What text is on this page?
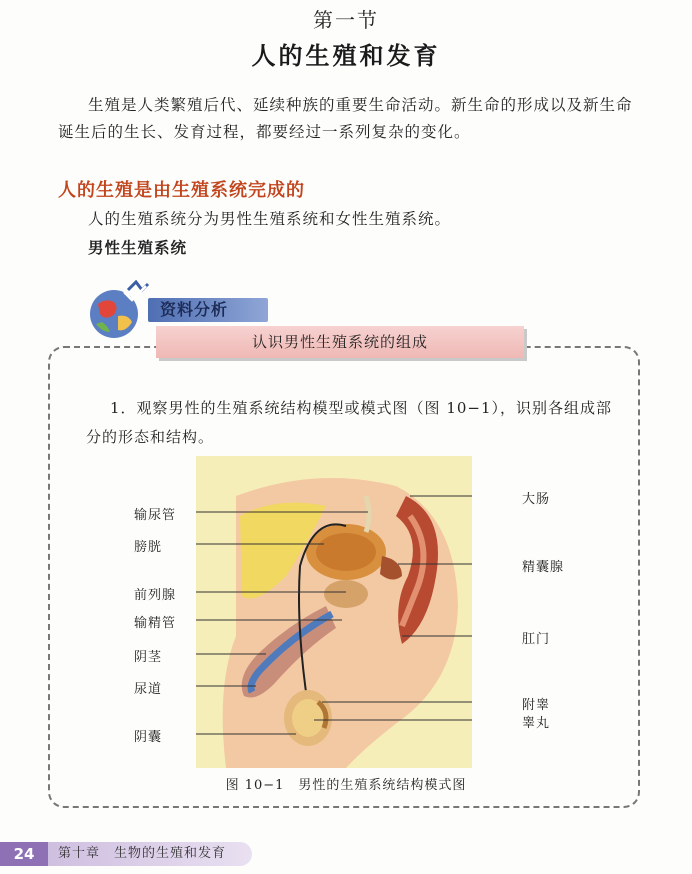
第一节
人的生殖和发育
生殖是人类繁殖后代、延续种族的重要生命活动。新生命的形成以及新生命诞生后的生长、发育过程，都要经过一系列复杂的变化。
人的生殖是由生殖系统完成的
人的生殖系统分为男性生殖系统和女性生殖系统。
男性生殖系统
资料分析
认识男性生殖系统的组成
1．观察男性的生殖系统结构模型或模式图（图 10−1），识别各组成部分的形态和结构。
输尿管
膀胱
前列腺
输精管
阴茎
尿道
阴囊
大肠
精囊腺
肛门
附睾
睾丸
图 10−1　男性的生殖系统结构模式图
24	第十章　生物的生殖和发育
